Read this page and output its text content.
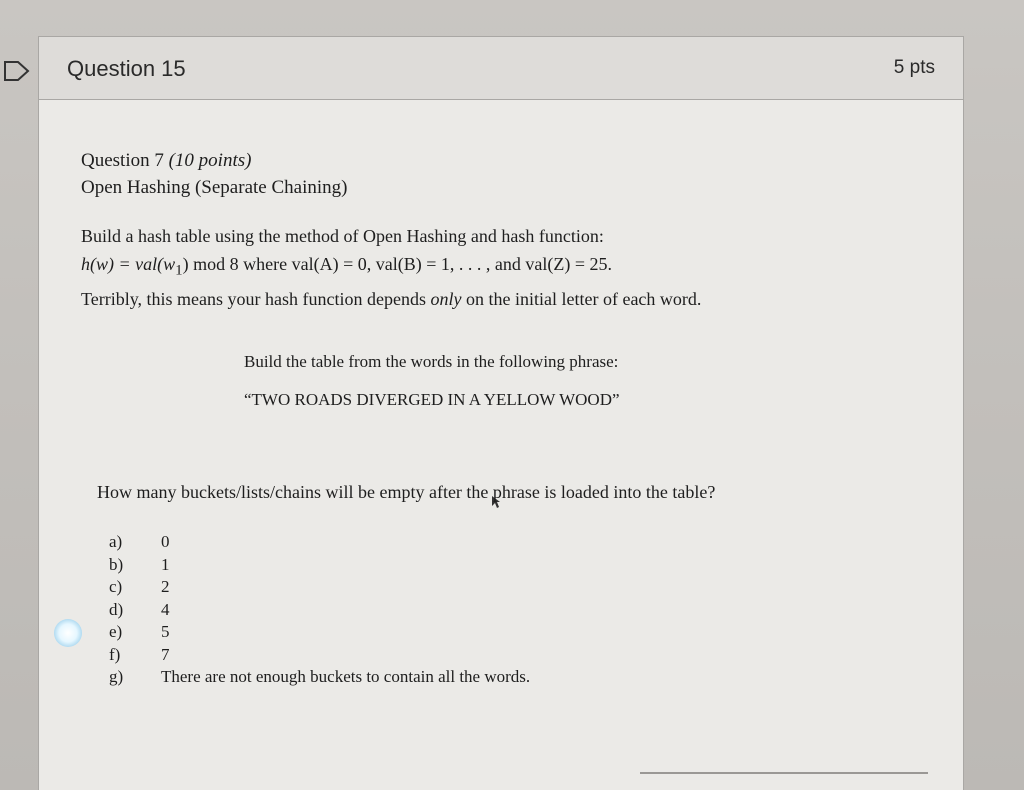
Question 15	5 pts
Question 7 (10 points)
Open Hashing (Separate Chaining)
Build a hash table using the method of Open Hashing and hash function:
$h(w) = val(w_1)$ mod 8 where val(A) = 0, val(B) = 1, . . . , and val(Z) = 25.
Terribly, this means your hash function depends only on the initial letter of each word.
Build the table from the words in the following phrase:
“TWO ROADS DIVERGED IN A YELLOW WOOD”
How many buckets/lists/chains will be empty after the phrase is loaded into the table?
a)	0
b)	1
c)	2
d)	4
e)	5
f)	7
g)	There are not enough buckets to contain all the words.
